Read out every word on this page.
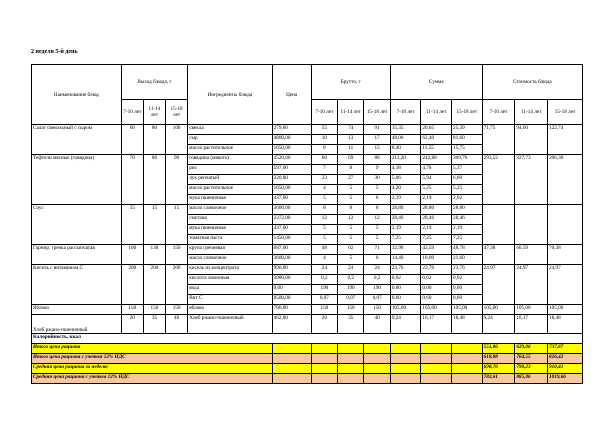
2 неделя 5-й день
Наименование блюд	Выход блюда, г			Ингредиенты блюда	Цена	Брутто, г			Сумма			Стоимость блюда		
	7-10 лет	11-14 лет	15-18 лет			7-10 лет	11-14 лет	15-18 лет	7-10 лет	11-14 лет	15-18 лет	7-10 лет	11-14 лет	15-18 лет
Салат свекольный с сыром	60	80	100	свекла	279,00	55	74	91	15,35	20,65	25,39	71,75	94,60	122,74
				сыр	4800,00	10	13	17	48,00	62,40	81,60			
				масло растительное	1050,00	8	11	15	8,40	11,55	15,75			
Тефтели мясные (говядина)	70	80	90	говядина (мякоть)	3520,00	60	69	88	211,20	242,88	309,76	293,52	327,73	396,30
				рис	597,00	7	8	9	4,18	4,78	5,37			
				лук репчатый	220,00	23	27	30	5,06	5,94	6,60			
				масло растительное	1050,00	4	5	5	4,20	5,25	5,25			
				мука пшеничная	437,00	5	5	6	2,19	2,19	2,62			
Соус	15	15	15	масло сливочное	3600,00	8	8	8	28,80	28,80	28,80			
				сметана	2372,00	12	12	12	28,46	28,46	28,46			
				мука пшеничная	437,00	5	5	5	2,19	2,19	2,19			
				томатная паста	1450,00	5	5	5	7,25	7,25	7,25			
Гарнир: гречка рассыпчатая	100	130	150	крупа гречневая	687,00	48	62	71	32,98	42,59	48,78	47,38	60,59	70,38
				масло сливочное	3600,00	4	5	6	14,40	18,00	21,60			
Кисель с витамином С	200	200	200	кисель из концентрата	990,00	24	24	24	23,76	23,76	23,76	24,97	24,97	24,97
				кислота лимонная	3080,00	0,2	0,2	0,2	0,62	0,62	0,62			
				вода	0,00	190	190	190	0,00	0,00	0,00			
				Вит С	8500,00	0,07	0,07	0,07	0,60	0,60	0,60			
Яблоко	150	150	150	яблоко	700,00	150	150	150	105,00	105,00	105,00	105,00	105,00	105,00
Хлеб ржано-пшеничный	20	35	40	Хлеб ржано-пшеничный	462,00	20	35	40	9,24	16,17	18,48	9,24	16,17	18,48
Калорийность, ккал														
Итого цена рациона												551,86	629,06	737,87
Итого цена рациона с учетом 12% НДС												618,08	704,55	826,42
Средняя цена рациона за неделю												698,76	790,23	910,41
Средняя цена рациона с учетом 12% НДС												782,61	885,06	1019,66
